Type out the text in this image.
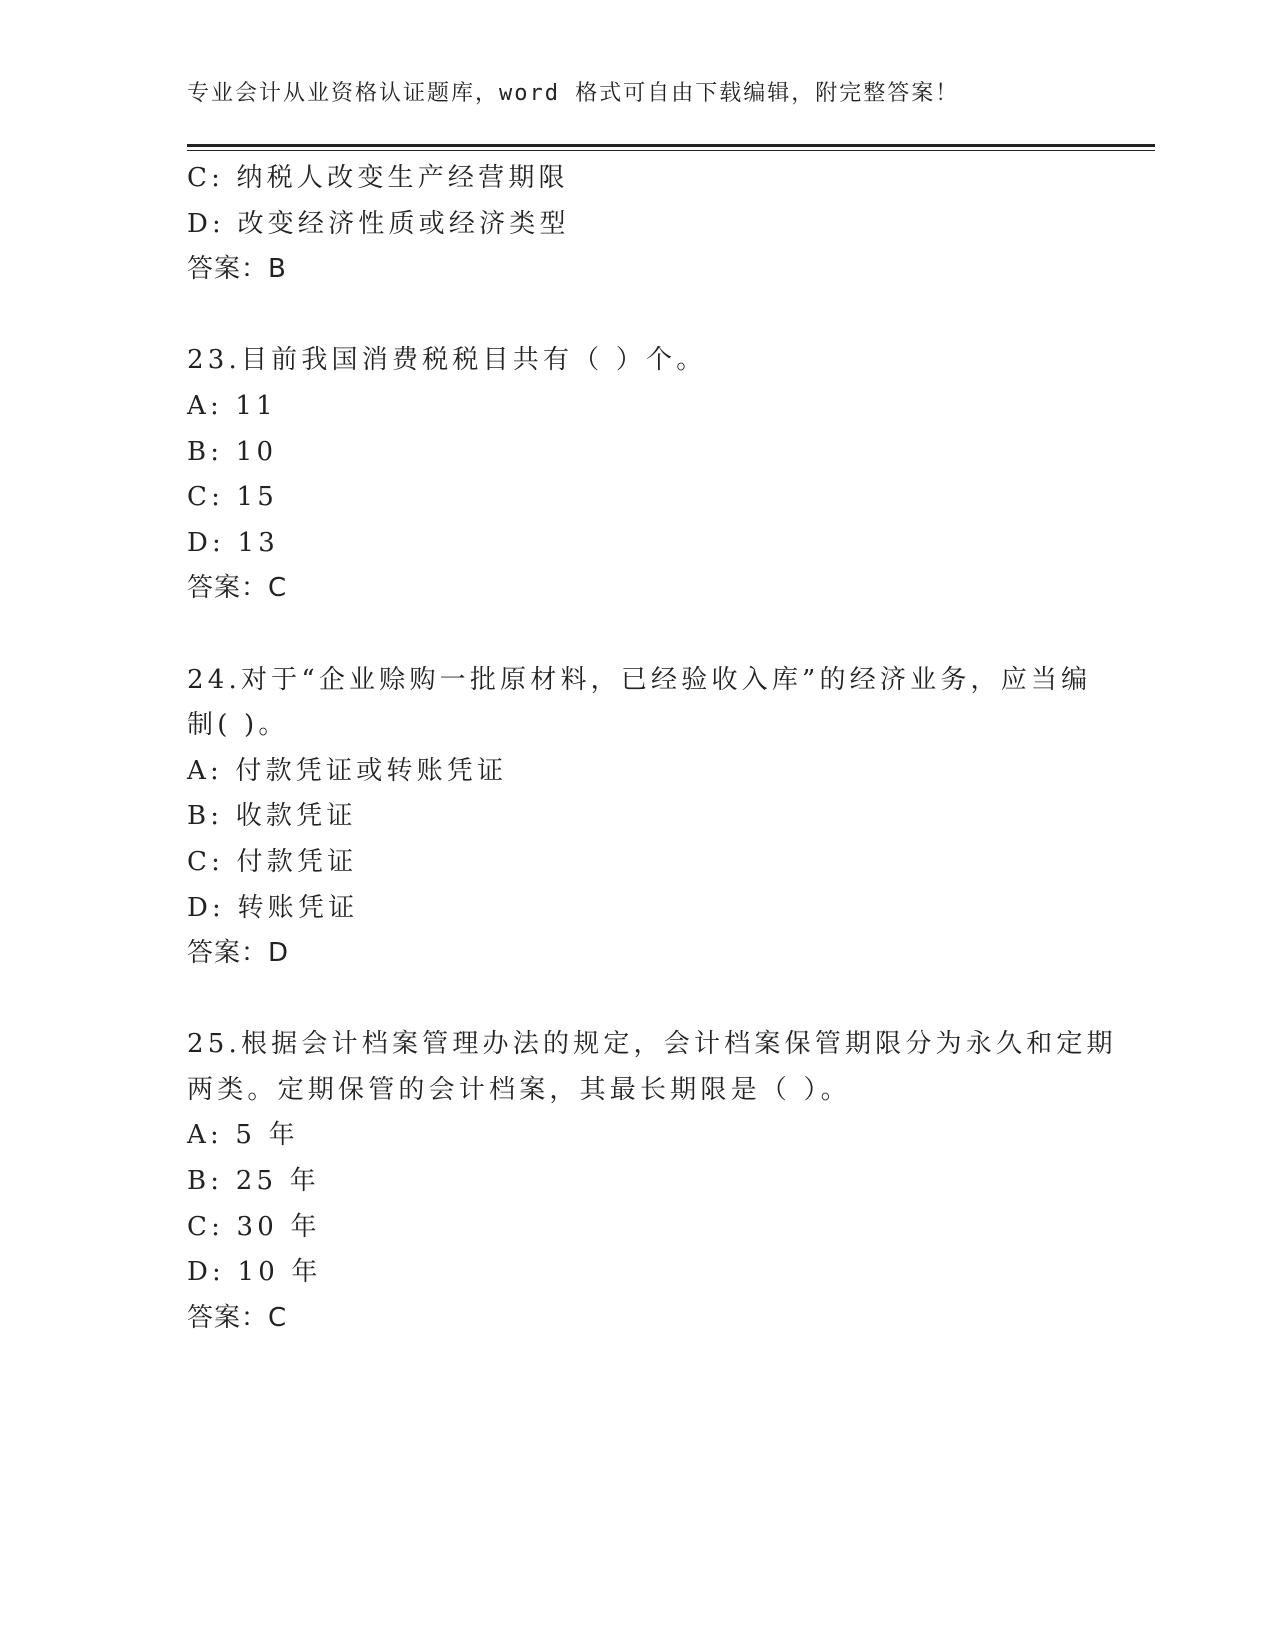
专业会计从业资格认证题库，word 格式可自由下载编辑，附完整答案！
C: 纳税人改变生产经营期限
D: 改变经济性质或经济类型
答案：B
23.目前我国消费税税目共有（ ）个。
A: 11
B: 10
C: 15
D: 13
答案：C
24.对于“企业赊购一批原材料，已经验收入库”的经济业务，应当编
制( )。
A: 付款凭证或转账凭证
B: 收款凭证
C: 付款凭证
D: 转账凭证
答案：D
25.根据会计档案管理办法的规定，会计档案保管期限分为永久和定期
两类。定期保管的会计档案，其最长期限是（ ）。
A: 5 年
B: 25 年
C: 30 年
D: 10 年
答案：C
